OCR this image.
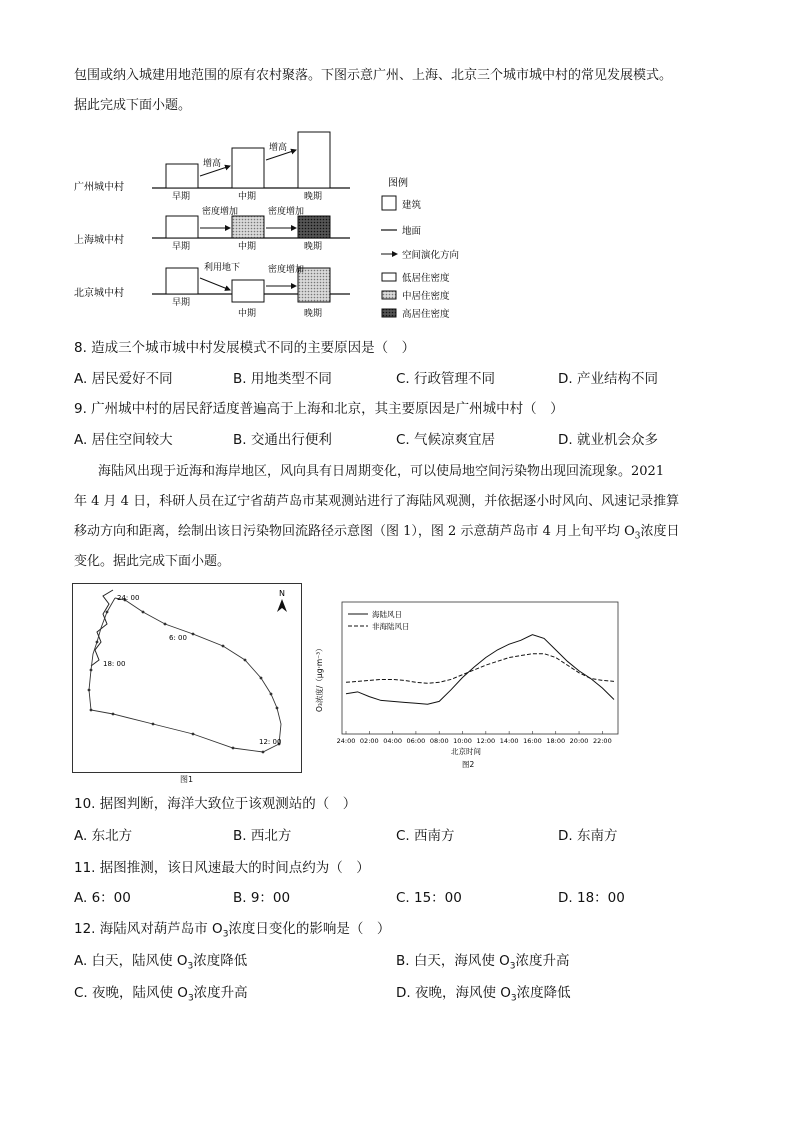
包围或纳入城建用地范围的原有农村聚落。下图示意广州、上海、北京三个城市城中村的常见发展模式。
据此完成下面小题。
广州城中村
增高
增高
早期	中期	晚期
上海城中村
密度增加	密度增加
早期	中期	晚期
北京城中村
利用地下	密度增加
早期
中期	晚期
图例
建筑
地面
空间演化方向
低居住密度
中居住密度
高居住密度
8. 造成三个城市城中村发展模式不同的主要原因是（　）
A. 居民爱好不同	B. 用地类型不同	C. 行政管理不同	D. 产业结构不同
9. 广州城中村的居民舒适度普遍高于上海和北京，其主要原因是广州城中村（　）
A. 居住空间较大	B. 交通出行便利	C. 气候凉爽宜居	D. 就业机会众多
海陆风出现于近海和海岸地区，风向具有日周期变化，可以使局地空间污染物出现回流现象。2021
年 4 月 4 日，科研人员在辽宁省葫芦岛市某观测站进行了海陆风观测，并依据逐小时风向、风速记录推算
移动方向和距离，绘制出该日污染物回流路径示意图（图 1），图 2 示意葫芦岛市 4 月上旬平均 $O_3$浓度日
变化。据此完成下面小题。
24: 00
6: 00
18: 00
12: 00
N
图1
24:00 02:00 04:00 06:00 08:00 10:00 12:00 14:00 16:00 18:00 20:00 22:00
海陆风日
非海陆风日
O₃浓度/（μg·m⁻³）
北京时间
图2
10. 据图判断，海洋大致位于该观测站的（　）
A. 东北方	B. 西北方	C. 西南方	D. 东南方
11. 据图推测，该日风速最大的时间点约为（　）
A. 6：00	B. 9：00	C. 15：00	D. 18：00
12. 海陆风对葫芦岛市 $O_3$浓度日变化的影响是（　）
A. 白天，陆风使 $O_3$浓度降低	B. 白天，海风使 $O_3$浓度升高
C. 夜晚，陆风使 $O_3$浓度升高	D. 夜晚，海风使 $O_3$浓度降低
